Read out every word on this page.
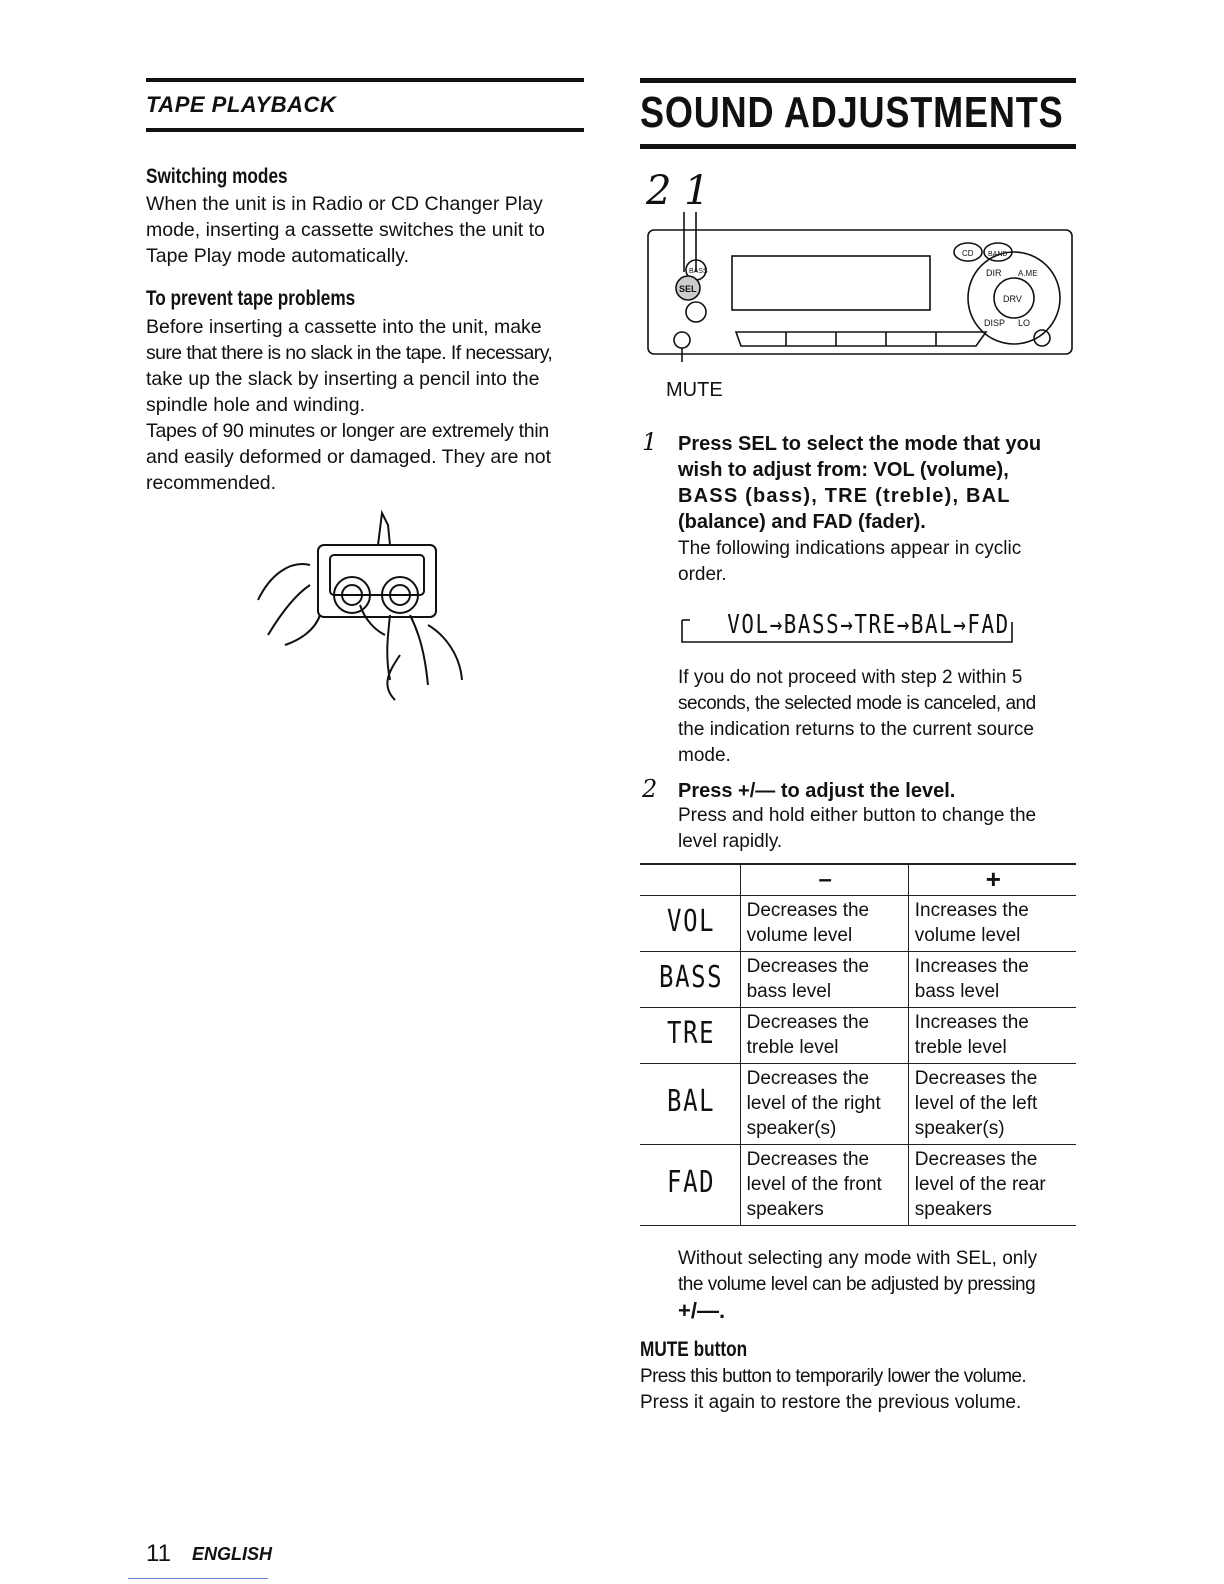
TAPE PLAYBACK
Switching modes

When the unit is in Radio or CD Changer Play

mode, inserting a cassette switches the unit to

Tape Play mode automatically.

To prevent tape problems

Before inserting a cassette into the unit, make

sure that there is no slack in the tape. If necessary,

take up the slack by inserting a pencil into the

spindle hole and winding.

Tapes of 90 minutes or longer are extremely thin

and easily deformed or damaged. They are not

recommended.

SOUND ADJUSTMENTS
2 1
CD BAND
BASS
SEL
DIR A.ME
DRV
DISP LO
MUTE
1 Press SEL to select the mode that you
wish to adjust from: VOL (volume),
BASS (bass), TRE (treble), BAL
(balance) and FAD (fader).
The following indications appear in cyclic
order.
VOL→BASS→TRE→BAL→FAD
If you do not proceed with step 2 within 5
seconds, the selected mode is canceled, and
the indication returns to the current source
mode.
2 Press +/— to adjust the level.
Press and hold either button to change the
level rapidly.
	–	+
VOL	Decreases the volume level	Increases the volume level
BASS	Decreases the bass level	Increases the bass level
TRE	Decreases the treble level	Increases the treble level
BAL	Decreases the level of the right speaker(s)	Decreases the level of the left speaker(s)
FAD	Decreases the level of the front speakers	Decreases the level of the rear speakers
Without selecting any mode with SEL, only
the volume level can be adjusted by pressing
+/—.
MUTE button
Press this button to temporarily lower the volume.
Press it again to restore the previous volume.
11 ENGLISH
